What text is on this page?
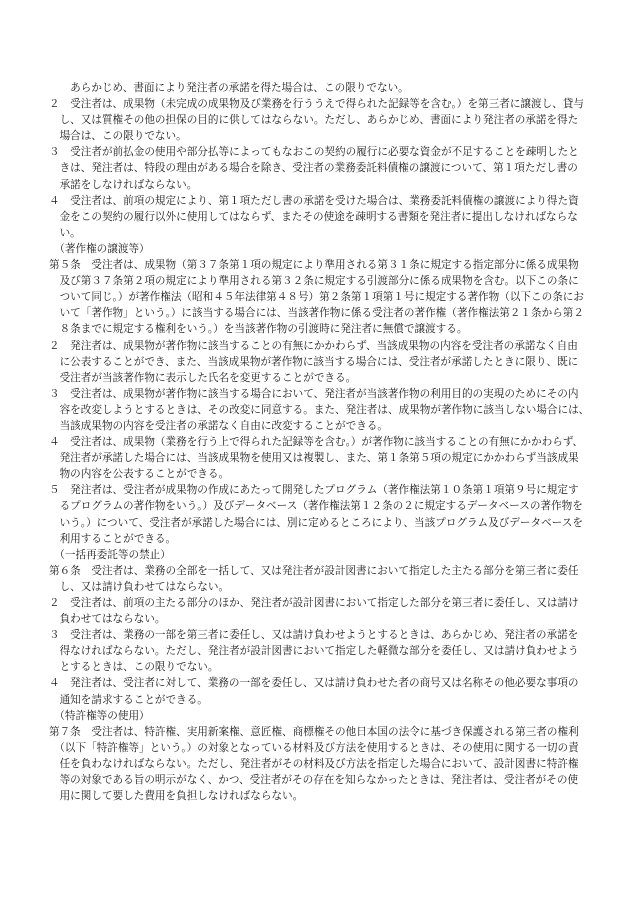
　　あらかじめ、書面により発注者の承諾を得た場合は、この限りでない。
２　受注者は、成果物（未完成の成果物及び業務を行ううえで得られた記録等を含む。）を第三者に譲渡し、貸与
　し、又は質権その他の担保の目的に供してはならない。ただし、あらかじめ、書面により発注者の承諾を得た
　場合は、この限りでない。
３　受注者が前払金の使用や部分払等によってもなおこの契約の履行に必要な資金が不足することを疎明したと
　きは、発注者は、特段の理由がある場合を除き、受注者の業務委託料債権の譲渡について、第１項ただし書の
　承諾をしなければならない。
４　受注者は、前項の規定により、第１項ただし書の承諾を受けた場合は、業務委託料債権の譲渡により得た資
　金をこの契約の履行以外に使用してはならず、またその使途を疎明する書類を発注者に提出しなければならな
　い。
　（著作権の譲渡等）
第５条　受注者は、成果物（第３７条第１項の規定により準用される第３１条に規定する指定部分に係る成果物
　及び第３７条第２項の規定により準用される第３２条に規定する引渡部分に係る成果物を含む。以下この条に
　ついて同じ。）が著作権法（昭和４５年法律第４８号）第２条第１項第１号に規定する著作物（以下この条にお
　いて「著作物」という。）に該当する場合には、当該著作物に係る受注者の著作権（著作権法第２１条から第２
　８条までに規定する権利をいう。）を当該著作物の引渡時に発注者に無償で譲渡する。
２　発注者は、成果物が著作物に該当することの有無にかかわらず、当該成果物の内容を受注者の承諾なく自由
　に公表することができ、また、当該成果物が著作物に該当する場合には、受注者が承諾したときに限り、既に
　受注者が当該著作物に表示した氏名を変更することができる。
３　受注者は、成果物が著作物に該当する場合において、発注者が当該著作物の利用目的の実現のためにその内
　容を改変しようとするときは、その改変に同意する。また、発注者は、成果物が著作物に該当しない場合には、
　当該成果物の内容を受注者の承諾なく自由に改変することができる。
４　受注者は、成果物（業務を行う上で得られた記録等を含む。）が著作物に該当することの有無にかかわらず、
　発注者が承諾した場合には、当該成果物を使用又は複製し、また、第１条第５項の規定にかかわらず当該成果
　物の内容を公表することができる。
５　発注者は、受注者が成果物の作成にあたって開発したプログラム（著作権法第１０条第１項第９号に規定す
　るプログラムの著作物をいう。）及びデータベース（著作権法第１２条の２に規定するデータベースの著作物を
　いう。）について、受注者が承諾した場合には、別に定めるところにより、当該プログラム及びデータベースを
　利用することができる。
　（一括再委託等の禁止）
第６条　受注者は、業務の全部を一括して、又は発注者が設計図書において指定した主たる部分を第三者に委任
　し、又は請け負わせてはならない。
２　受注者は、前項の主たる部分のほか、発注者が設計図書において指定した部分を第三者に委任し、又は請け
　負わせてはならない。
３　受注者は、業務の一部を第三者に委任し、又は請け負わせようとするときは、あらかじめ、発注者の承諾を
　得なければならない。ただし、発注者が設計図書において指定した軽微な部分を委任し、又は請け負わせよう
　とするときは、この限りでない。
４　発注者は、受注者に対して、業務の一部を委任し、又は請け負わせた者の商号又は名称その他必要な事項の
　通知を請求することができる。
　（特許権等の使用）
第７条　受注者は、特許権、実用新案権、意匠権、商標権その他日本国の法令に基づき保護される第三者の権利
　（以下「特許権等」という。）の対象となっている材料及び方法を使用するときは、その使用に関する一切の責
　任を負わなければならない。ただし、発注者がその材料及び方法を指定した場合において、設計図書に特許権
　等の対象である旨の明示がなく、かつ、受注者がその存在を知らなかったときは、発注者は、受注者がその使
　用に関して要した費用を負担しなければならない。
